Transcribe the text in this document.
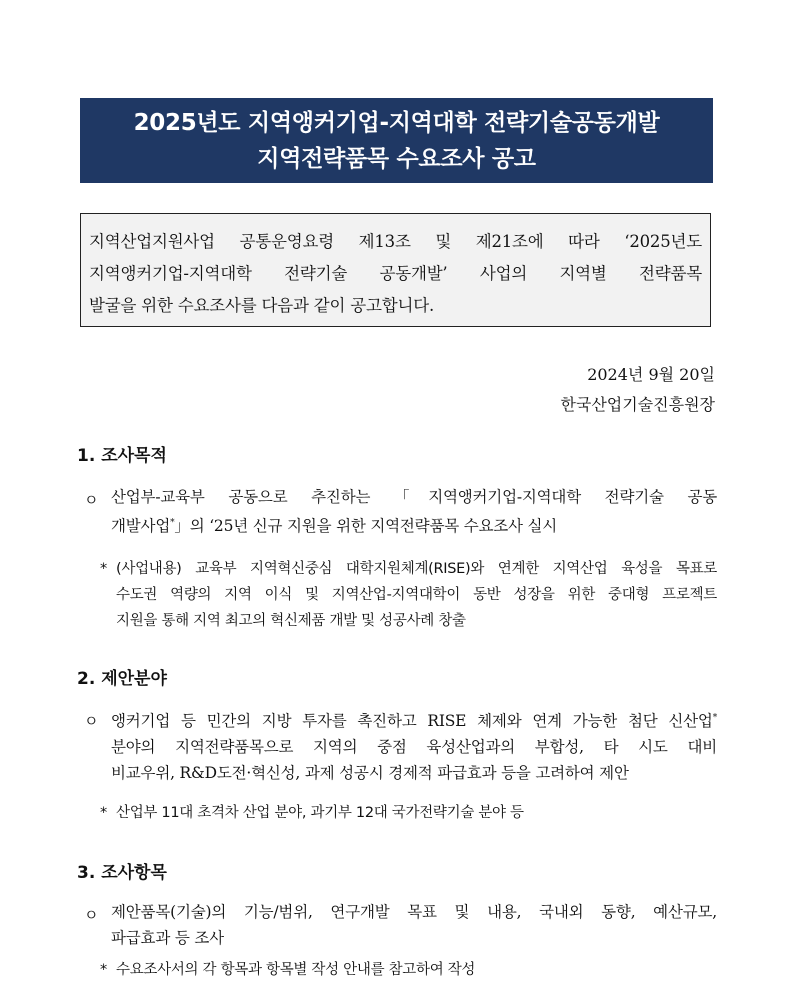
2025년도 지역앵커기업-지역대학 전략기술공동개발
지역전략품목 수요조사 공고
지역산업지원사업 공통운영요령 제13조 및 제21조에 따라 ‘2025년도
지역앵커기업-지역대학 전략기술 공동개발’ 사업의 지역별 전략품목
발굴을 위한 수요조사를 다음과 같이 공고합니다.
2024년 9월 20일
한국산업기술진흥원장
1. 조사목적
ㅇ 산업부-교육부 공동으로 추진하는 「지역앵커기업-지역대학 전략기술 공동
개발사업*」의 ‘25년 신규 지원을 위한 지역전략품목 수요조사 실시
* (사업내용) 교육부 지역혁신중심 대학지원체계(RISE)와 연계한 지역산업 육성을 목표로
수도권 역량의 지역 이식 및 지역산업-지역대학이 동반 성장을 위한 중대형 프로젝트
지원을 통해 지역 최고의 혁신제품 개발 및 성공사례 창출
2. 제안분야
ㅇ 앵커기업 등 민간의 지방 투자를 촉진하고 RISE 체제와 연계 가능한 첨단 신산업*
분야의 지역전략품목으로 지역의 중점 육성산업과의 부합성, 타 시도 대비
비교우위, R&D도전·혁신성, 과제 성공시 경제적 파급효과 등을 고려하여 제안
* 산업부 11대 초격차 산업 분야, 과기부 12대 국가전략기술 분야 등
3. 조사항목
ㅇ 제안품목(기술)의 기능/범위, 연구개발 목표 및 내용, 국내외 동향, 예산규모,
파급효과 등 조사
* 수요조사서의 각 항목과 항목별 작성 안내를 참고하여 작성
